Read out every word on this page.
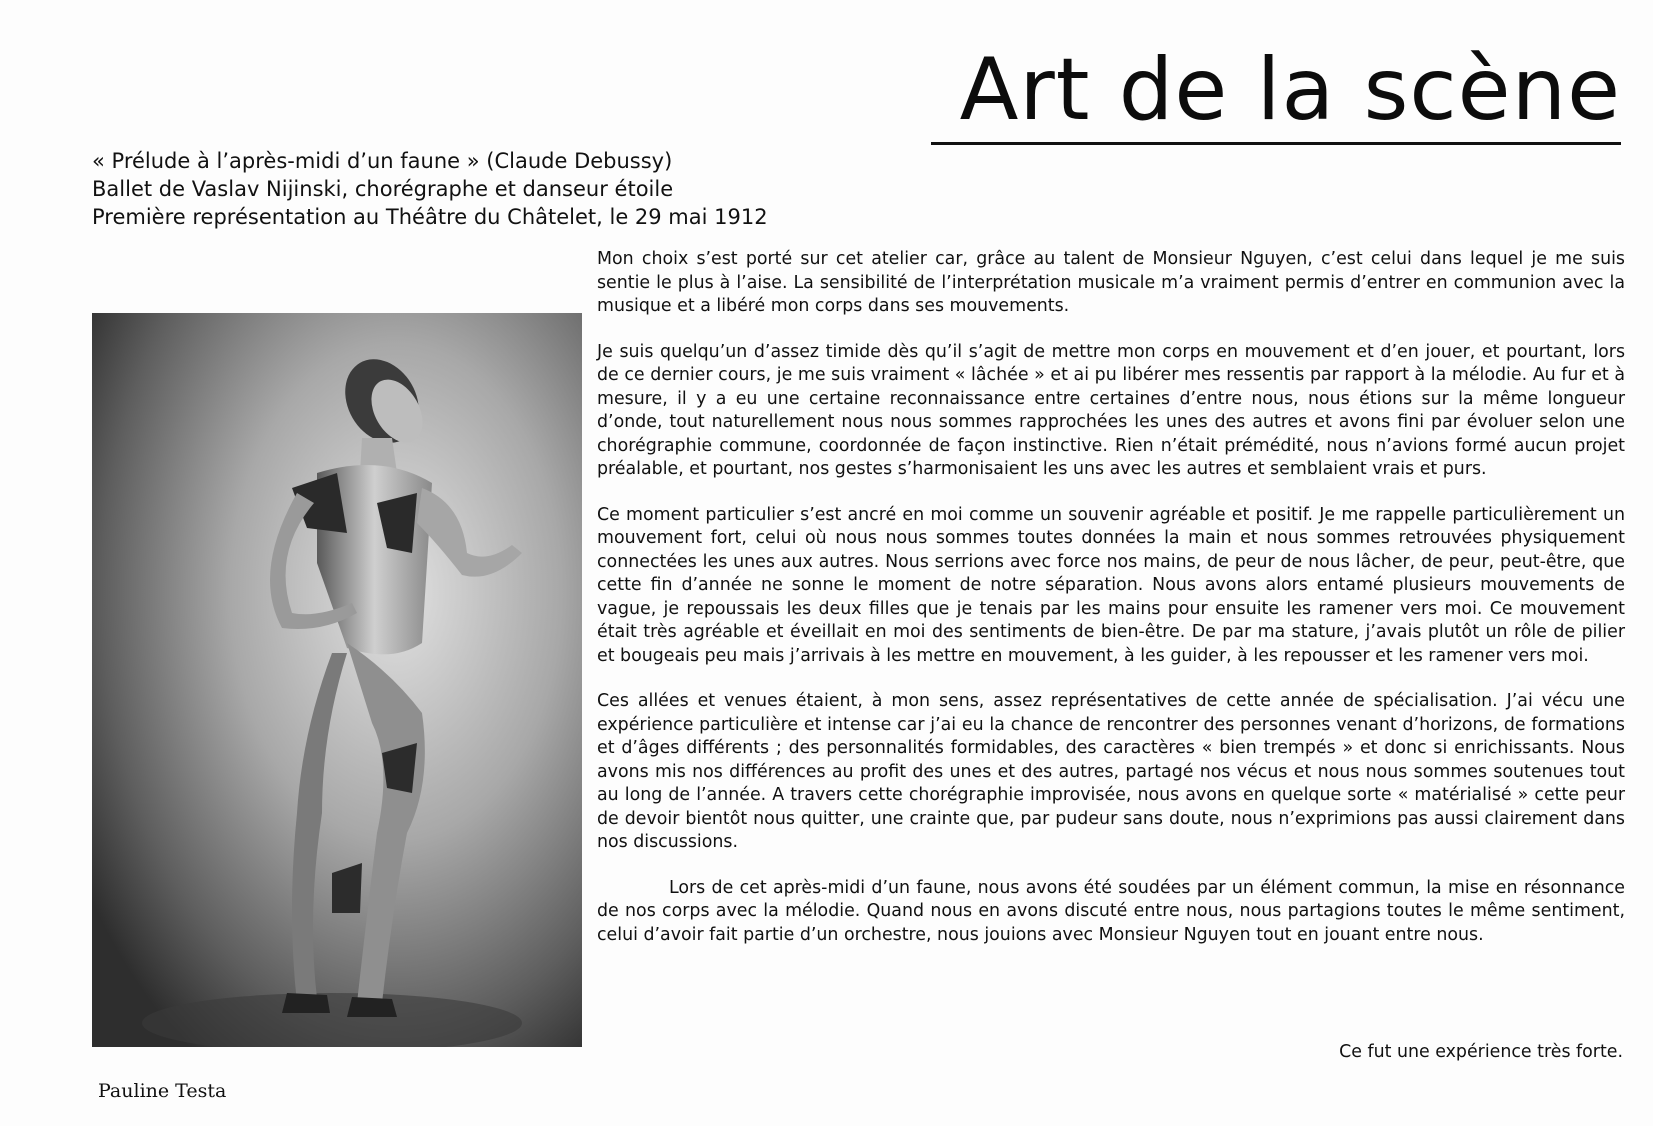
Art de la scène
« Prélude à l’après-midi d’un faune » (Claude Debussy)
Ballet de Vaslav Nijinski, chorégraphe et danseur étoile
Première représentation au Théâtre du Châtelet, le 29 mai 1912

Mon choix s’est porté sur cet atelier car, grâce au talent de Monsieur Nguyen, c’est celui dans lequel je me suis sentie le plus à l’aise. La sensibilité de l’interprétation musicale m’a vraiment permis d’entrer en communion avec la musique et a libéré mon corps dans ses mouvements.

Je suis quelqu’un d’assez timide dès qu’il s’agit de mettre mon corps en mouvement et d’en jouer, et pourtant, lors de ce dernier cours, je me suis vraiment « lâchée » et ai pu libérer mes ressentis par rapport à la mélodie. Au fur et à mesure, il y a eu une certaine reconnaissance entre certaines d’entre nous, nous étions sur la même longueur d’onde, tout naturellement nous nous sommes rapprochées les unes des autres et avons fini par évoluer selon une chorégraphie commune, coordonnée de façon instinctive. Rien n’était prémédité, nous n’avions formé aucun projet préalable, et pourtant, nos gestes s’harmonisaient les uns avec les autres et semblaient vrais et purs.

Ce moment particulier s’est ancré en moi comme un souvenir agréable et positif. Je me rappelle particulièrement un mouvement fort, celui où nous nous sommes toutes données la main et nous sommes retrouvées physiquement connectées les unes aux autres. Nous serrions avec force nos mains, de peur de nous lâcher, de peur, peut-être, que cette fin d’année ne sonne le moment de notre séparation. Nous avons alors entamé plusieurs mouvements de vague, je repoussais les deux filles que je tenais par les mains pour ensuite les ramener vers moi. Ce mouvement était très agréable et éveillait en moi des sentiments de bien-être. De par ma stature, j’avais plutôt un rôle de pilier et bougeais peu mais j’arrivais à les mettre en mouvement, à les guider, à les repousser et les ramener vers moi.

Ces allées et venues étaient, à mon sens, assez représentatives de cette année de spécialisation. J’ai vécu une expérience particulière et intense car j’ai eu la chance de rencontrer des personnes venant d’horizons, de formations et d’âges différents ; des personnalités formidables, des caractères « bien trempés » et donc si enrichissants. Nous avons mis nos différences au profit des unes et des autres, partagé nos vécus et nous nous sommes soutenues tout au long de l’année. A travers cette chorégraphie improvisée, nous avons en quelque sorte « matérialisé » cette peur de devoir bientôt nous quitter, une crainte que, par pudeur sans doute, nous n’exprimions pas aussi clairement dans nos discussions.

Lors de cet après-midi d’un faune, nous avons été soudées par un élément commun, la mise en résonnance de nos corps avec la mélodie. Quand nous en avons discuté entre nous, nous partagions toutes le même sentiment, celui d’avoir fait partie d’un orchestre, nous jouions avec Monsieur Nguyen tout en jouant entre nous.

Ce fut une expérience très forte.
Pauline Testa
